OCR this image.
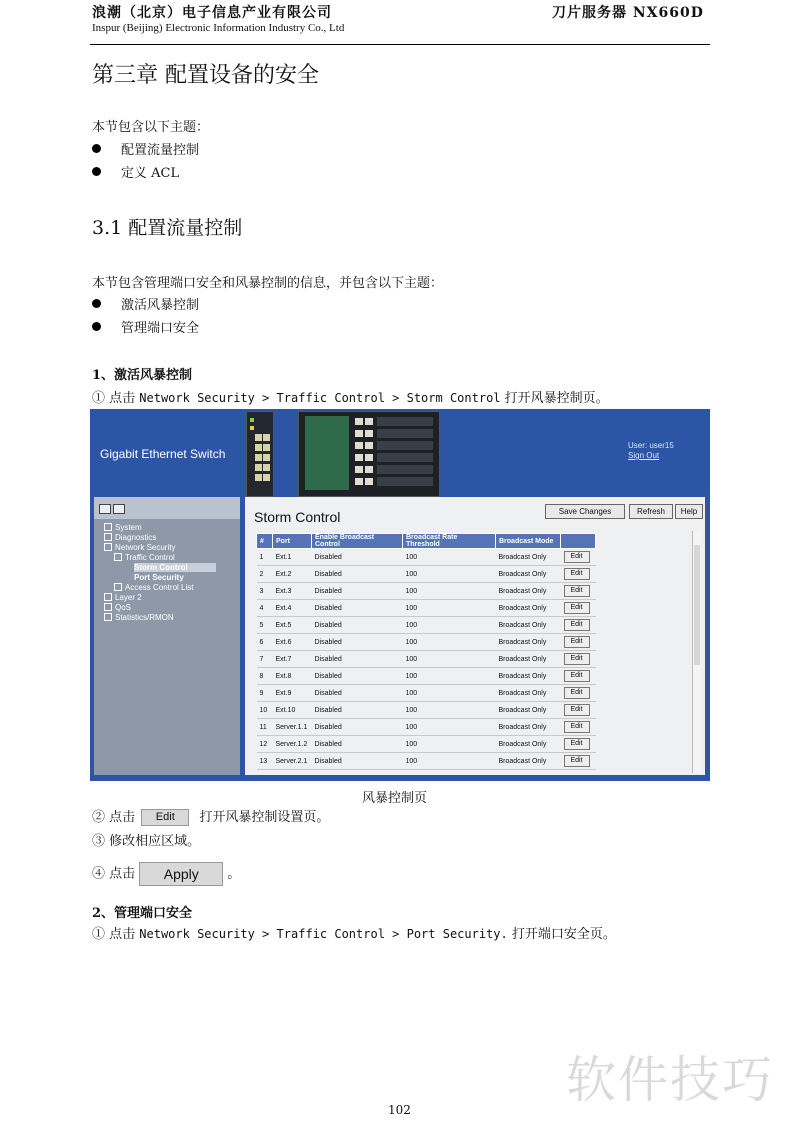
浪潮（北京）电子信息产业有限公司	刀片服务器 NX660D
Inspur (Beijing) Electronic Information Industry Co., Ltd
第三章 配置设备的安全
本节包含以下主题：
配置流量控制
定义 ACL
3.1 配置流量控制
本节包含管理端口安全和风暴控制的信息，并包含以下主题：
激活风暴控制
管理端口安全
1、激活风暴控制
① 点击 Network Security > Traffic Control > Storm Control 打开风暴控制页。
Gigabit Ethernet Switch
User: user15
Sign Out
System
Diagnostics
Network Security
Traffic Control
Storm Control
Port Security
Access Control List
Layer 2
QoS
Statistics/RMON
Storm Control	Save Changes	Refresh	Help
#	Port	Enable Broadcast Control	Broadcast Rate Threshold	Broadcast Mode	
1	Ext.1	Disabled	100	Broadcast Only	Edit
2	Ext.2	Disabled	100	Broadcast Only	Edit
3	Ext.3	Disabled	100	Broadcast Only	Edit
4	Ext.4	Disabled	100	Broadcast Only	Edit
5	Ext.5	Disabled	100	Broadcast Only	Edit
6	Ext.6	Disabled	100	Broadcast Only	Edit
7	Ext.7	Disabled	100	Broadcast Only	Edit
8	Ext.8	Disabled	100	Broadcast Only	Edit
9	Ext.9	Disabled	100	Broadcast Only	Edit
10	Ext.10	Disabled	100	Broadcast Only	Edit
11	Server.1.1	Disabled	100	Broadcast Only	Edit
12	Server.1.2	Disabled	100	Broadcast Only	Edit
13	Server.2.1	Disabled	100	Broadcast Only	Edit
风暴控制页
② 点击 Edit 打开风暴控制设置页。
③ 修改相应区域。
④ 点击 Apply 。
2、管理端口安全
① 点击 Network Security > Traffic Control > Port Security. 打开端口安全页。
软件技巧
102
